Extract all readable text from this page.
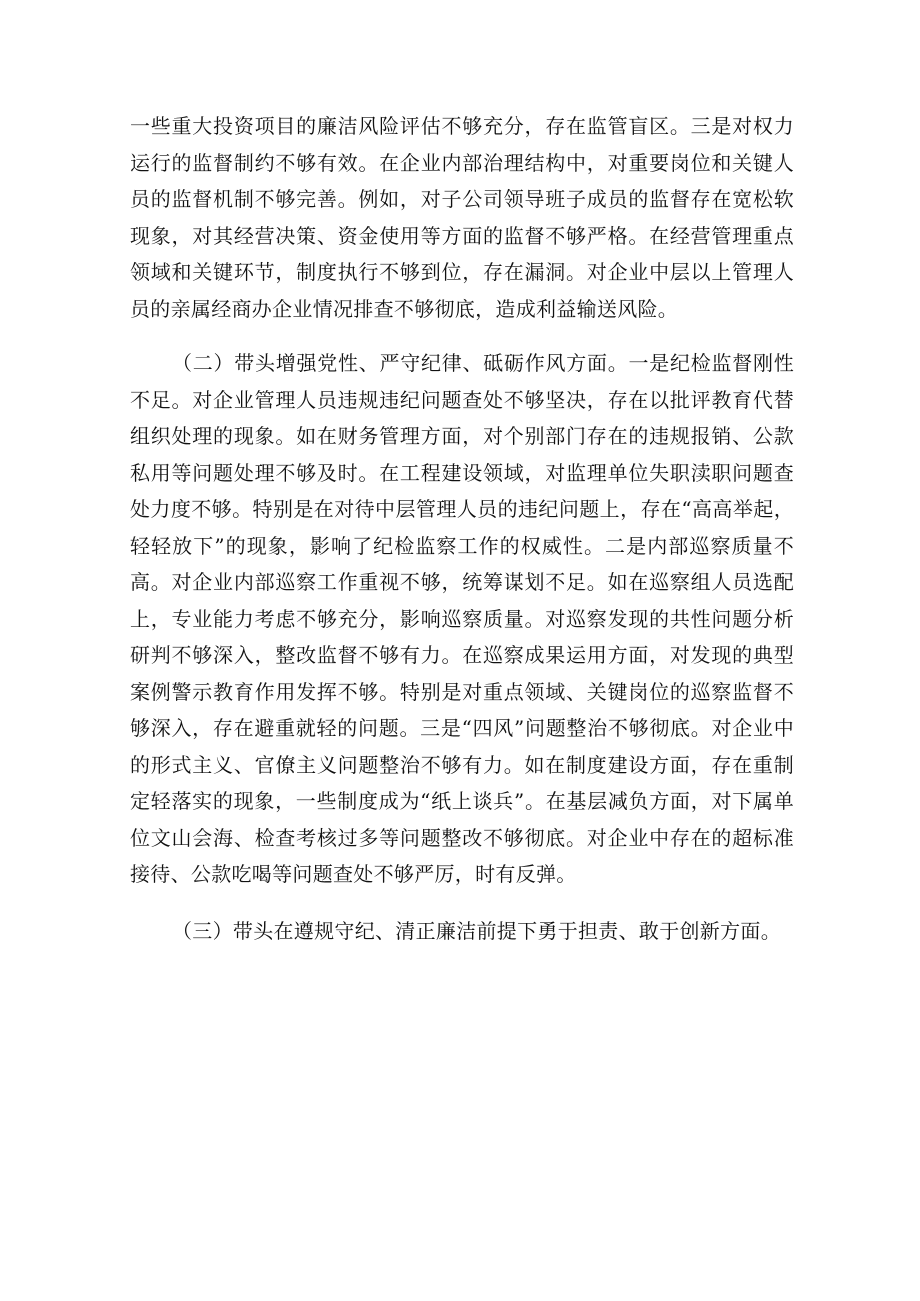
一些重大投资项目的廉洁风险评估不够充分，存在监管盲区。三是对权力运行的监督制约不够有效。在企业内部治理结构中，对重要岗位和关键人员的监督机制不够完善。例如，对子公司领导班子成员的监督存在宽松软现象，对其经营决策、资金使用等方面的监督不够严格。在经营管理重点领域和关键环节，制度执行不够到位，存在漏洞。对企业中层以上管理人员的亲属经商办企业情况排查不够彻底，造成利益输送风险。

（二）带头增强党性、严守纪律、砥砺作风方面。一是纪检监督刚性不足。对企业管理人员违规违纪问题查处不够坚决，存在以批评教育代替组织处理的现象。如在财务管理方面，对个别部门存在的违规报销、公款私用等问题处理不够及时。在工程建设领域，对监理单位失职渎职问题查处力度不够。特别是在对待中层管理人员的违纪问题上，存在“高高举起，轻轻放下”的现象，影响了纪检监察工作的权威性。二是内部巡察质量不高。对企业内部巡察工作重视不够，统筹谋划不足。如在巡察组人员选配上，专业能力考虑不够充分，影响巡察质量。对巡察发现的共性问题分析研判不够深入，整改监督不够有力。在巡察成果运用方面，对发现的典型案例警示教育作用发挥不够。特别是对重点领域、关键岗位的巡察监督不够深入，存在避重就轻的问题。三是“四风”问题整治不够彻底。对企业中的形式主义、官僚主义问题整治不够有力。如在制度建设方面，存在重制定轻落实的现象，一些制度成为“纸上谈兵”。在基层减负方面，对下属单位文山会海、检查考核过多等问题整改不够彻底。对企业中存在的超标准接待、公款吃喝等问题查处不够严厉，时有反弹。

（三）带头在遵规守纪、清正廉洁前提下勇于担责、敢于创新方面。
